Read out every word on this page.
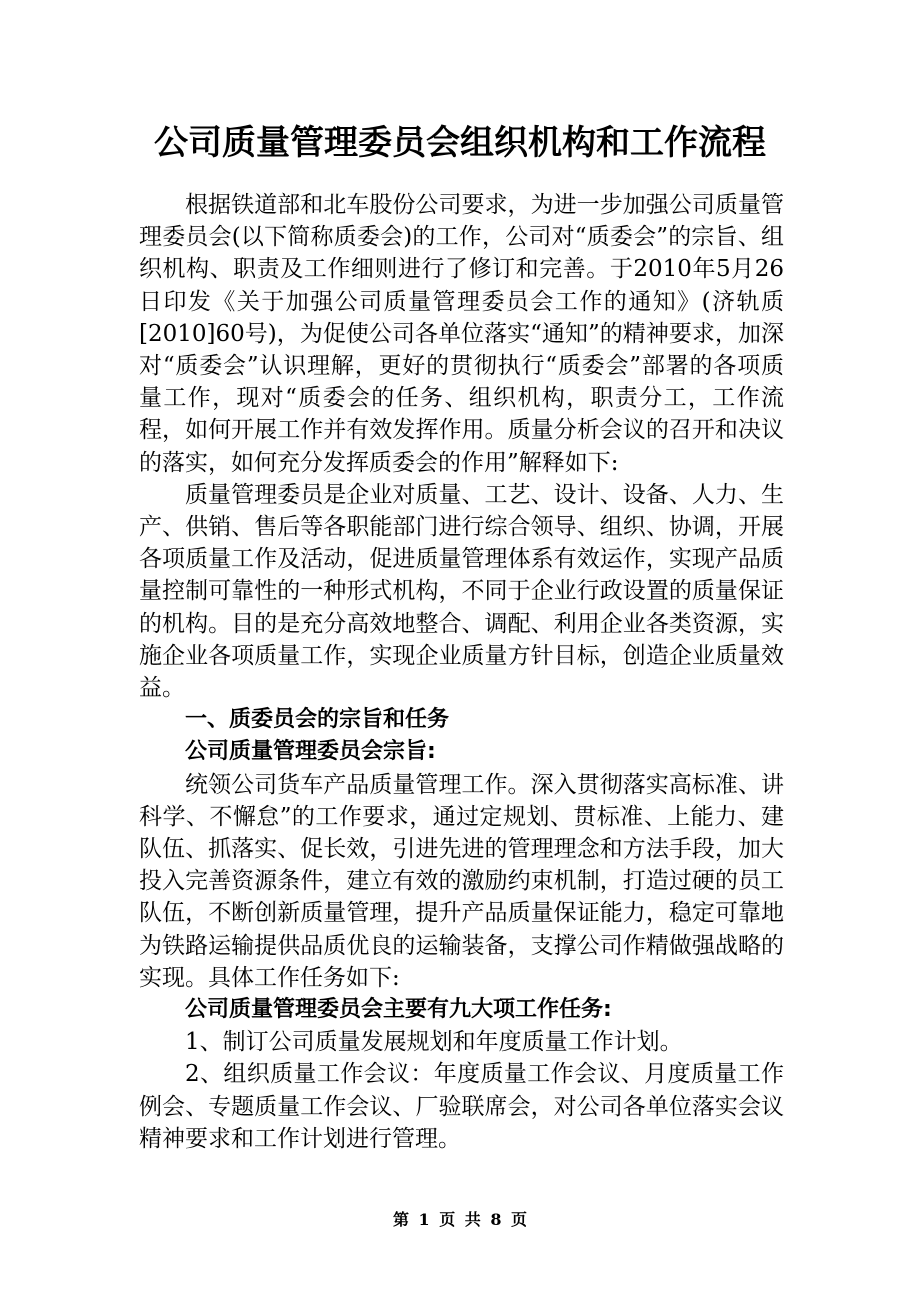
公司质量管理委员会组织机构和工作流程

根据铁道部和北车股份公司要求，为进一步加强公司质量管理委员会(以下简称质委会)的工作，公司对“质委会”的宗旨、组织机构、职责及工作细则进行了修订和完善。于2010年5月26日印发《关于加强公司质量管理委员会工作的通知》(济轨质[2010]60号)，为促使公司各单位落实“通知”的精神要求，加深对“质委会”认识理解，更好的贯彻执行“质委会”部署的各项质量工作，现对“质委会的任务、组织机构，职责分工，工作流程，如何开展工作并有效发挥作用。质量分析会议的召开和决议的落实，如何充分发挥质委会的作用”解释如下:

质量管理委员是企业对质量、工艺、设计、设备、人力、生产、供销、售后等各职能部门进行综合领导、组织、协调，开展各项质量工作及活动，促进质量管理体系有效运作，实现产品质量控制可靠性的一种形式机构，不同于企业行政设置的质量保证的机构。目的是充分高效地整合、调配、利用企业各类资源，实施企业各项质量工作，实现企业质量方针目标，创造企业质量效益。

一、质委员会的宗旨和任务

公司质量管理委员会宗旨:

统领公司货车产品质量管理工作。深入贯彻落实高标准、讲科学、不懈怠”的工作要求，通过定规划、贯标准、上能力、建队伍、抓落实、促长效，引进先进的管理理念和方法手段，加大投入完善资源条件，建立有效的激励约束机制，打造过硬的员工队伍，不断创新质量管理，提升产品质量保证能力，稳定可靠地为铁路运输提供品质优良的运输装备，支撑公司作精做强战略的实现。具体工作任务如下:

公司质量管理委员会主要有九大项工作任务:

1、制订公司质量发展规划和年度质量工作计划。

2、组织质量工作会议：年度质量工作会议、月度质量工作例会、专题质量工作会议、厂验联席会，对公司各单位落实会议精神要求和工作计划进行管理。

第 1 页 共 8 页
